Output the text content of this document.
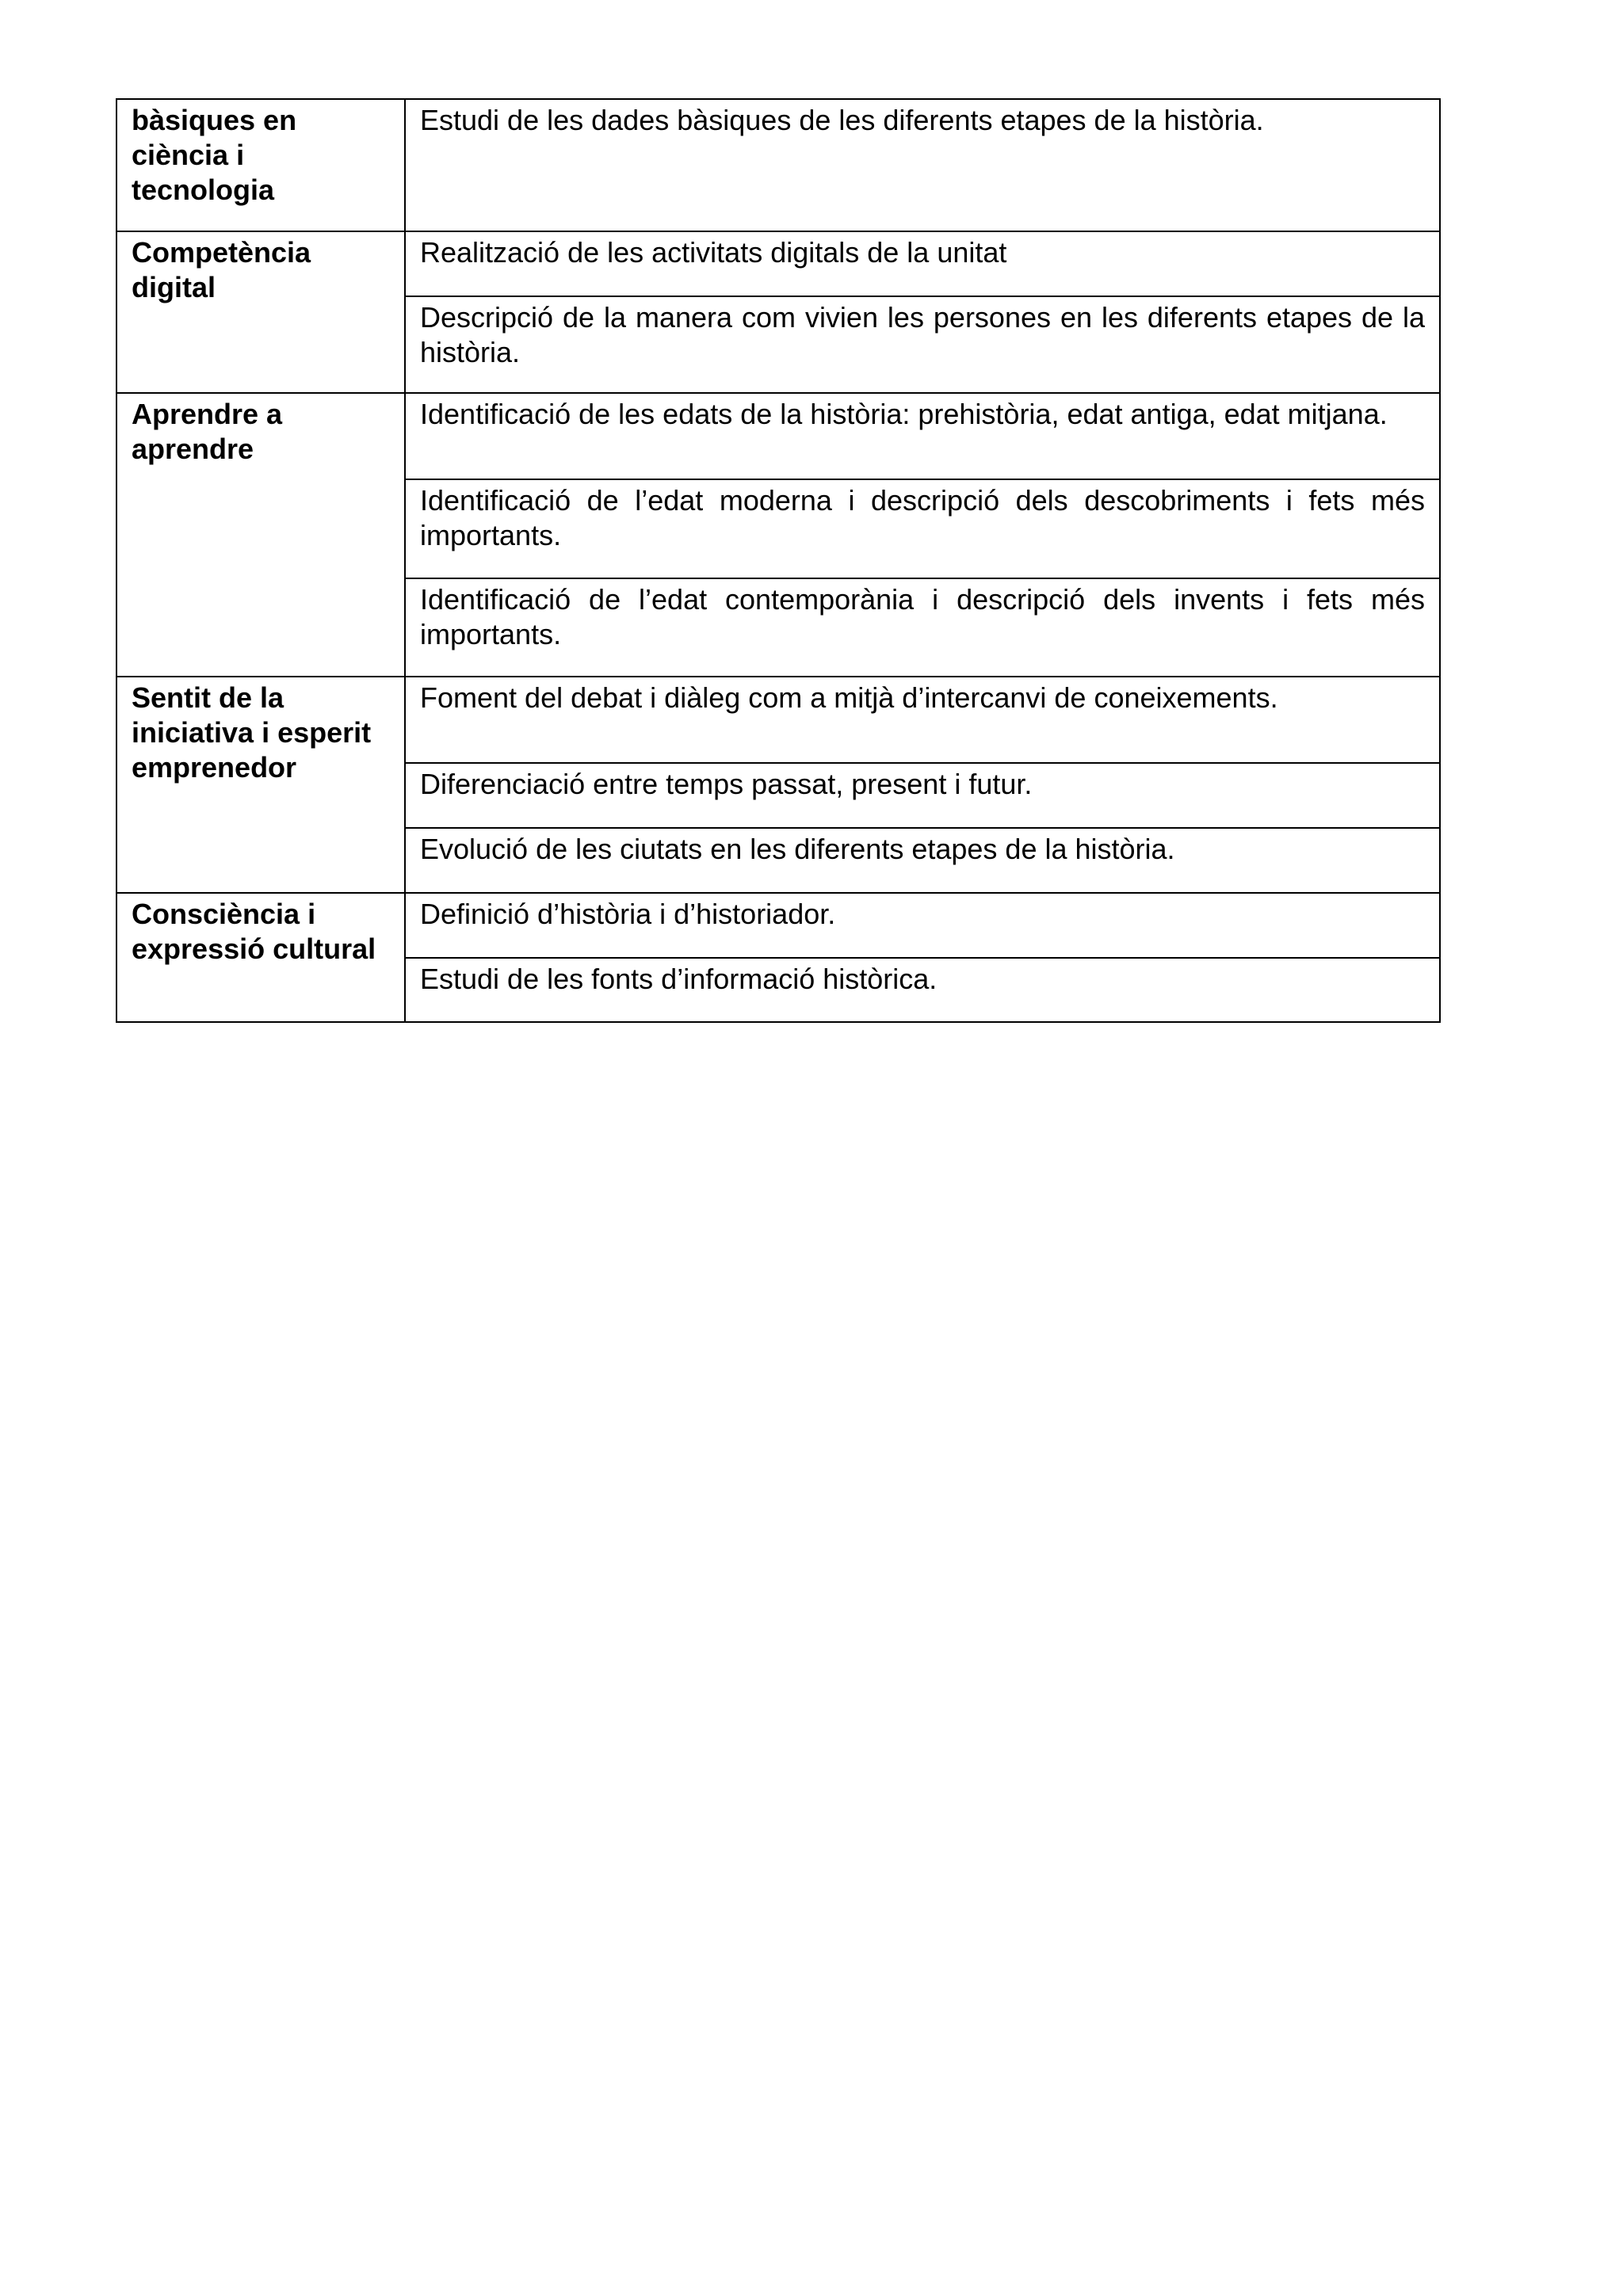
bàsiques en ciència i tecnologia	Estudi de les dades bàsiques de les diferents etapes de la història.
Competència digital	Realització de les activitats digitals de la unitat
	Descripció de la manera com vivien les persones en les diferents etapes de la història.
Aprendre a aprendre	Identificació de les edats de la història: prehistòria, edat antiga, edat mitjana.
	Identificació de l’edat moderna i descripció dels descobriments i fets més importants.
	Identificació de l’edat contemporània i descripció dels invents i fets més importants.
Sentit de la iniciativa i esperit emprenedor	Foment del debat i diàleg com a mitjà d’intercanvi de coneixements.
	Diferenciació entre temps passat, present i futur.
	Evolució de les ciutats en les diferents etapes de la història.
Consciència i expressió cultural	Definició d’història i d’historiador.
	Estudi de les fonts d’informació històrica.
